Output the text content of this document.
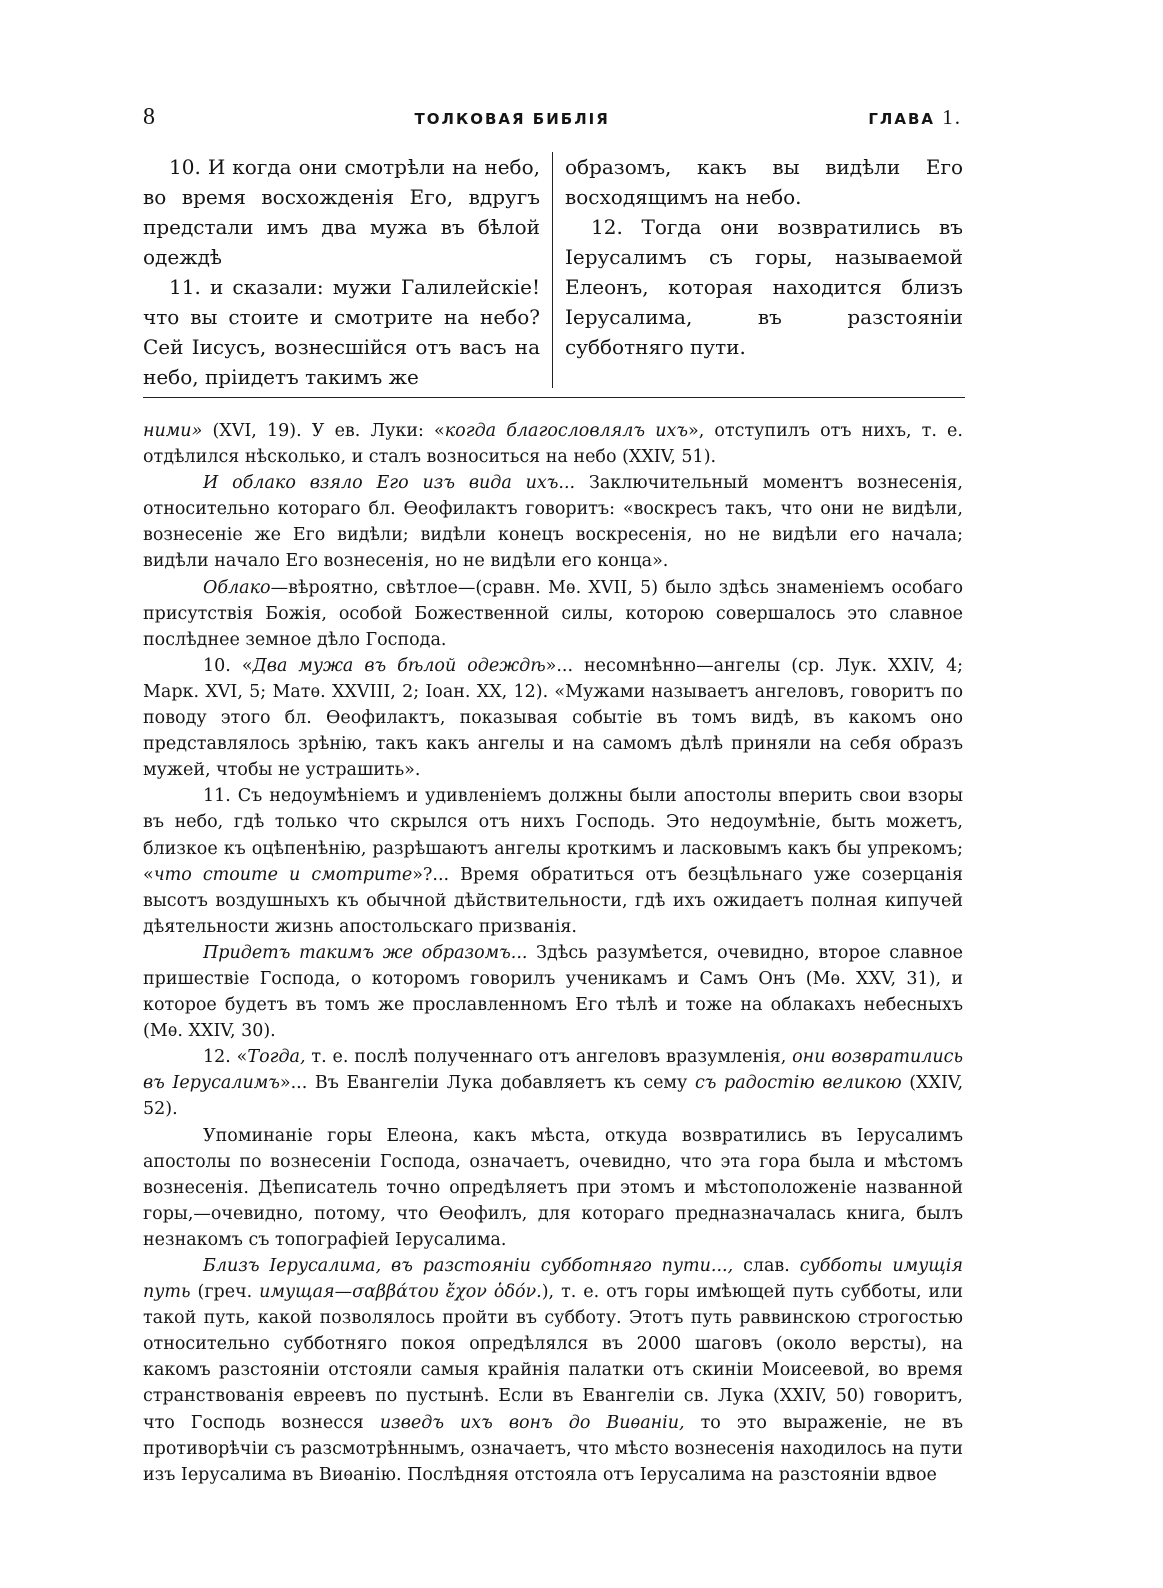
8	ТОЛКОВАЯ БИБЛІЯ	ГЛАВА 1.

10. И когда они смотрѣли на небо, во время восхожденія Его, вдругъ предстали имъ два мужа въ бѣлой одеждѣ

11. и сказали: мужи Галилейскіе! что вы стоите и смотрите на небо? Сей Іисусъ, вознесшійся отъ васъ на небо, пріидетъ такимъ же

образомъ, какъ вы видѣли Его восходящимъ на небо.

12. Тогда они возвратились въ Іерусалимъ съ горы, называемой Елеонъ, которая находится близъ Іерусалима, въ разстояніи субботняго пути.

ними» (XVI, 19). У ев. Луки: «когда благословлялъ ихъ», отступилъ отъ нихъ, т. е. отдѣлился нѣсколько, и сталъ возноситься на небо (XXIV, 51).

И облако взяло Его изъ вида ихъ... Заключительный моментъ вознесенія, относительно котораго бл. Ѳеофилактъ говоритъ: «воскресъ такъ, что они не видѣли, вознесеніе же Его видѣли; видѣли конецъ воскресенія, но не видѣли его начала; видѣли начало Его вознесенія, но не видѣли его конца».

Облако—вѣроятно, свѣтлое—(сравн. Мѳ. XVII, 5) было здѣсь знаменіемъ особаго присутствія Божія, особой Божественной силы, которою совершалось это славное послѣднее земное дѣло Господа.

10. «Два мужа въ бѣлой одеждѣ»... несомнѣнно—ангелы (ср. Лук. XXIV, 4; Марк. XVI, 5; Матѳ. XXVIII, 2; Іоан. XX, 12). «Мужами называетъ ангеловъ, говоритъ по поводу этого бл. Ѳеофилактъ, показывая событіе въ томъ видѣ, въ какомъ оно представлялось зрѣнію, такъ какъ ангелы и на самомъ дѣлѣ приняли на себя образъ мужей, чтобы не устрашить».

11. Съ недоумѣніемъ и удивленіемъ должны были апостолы вперить свои взоры въ небо, гдѣ только что скрылся отъ нихъ Господь. Это недоумѣніе, быть можетъ, близкое къ оцѣпенѣнію, разрѣшаютъ ангелы кроткимъ и ласковымъ какъ бы упрекомъ; «что стоите и смотрите»?... Время обратиться отъ безцѣльнаго уже созерцанія высотъ воздушныхъ къ обычной дѣйствительности, гдѣ ихъ ожидаетъ полная кипучей дѣятельности жизнь апостольскаго призванія.

Придетъ такимъ же образомъ... Здѣсь разумѣется, очевидно, второе славное пришествіе Господа, о которомъ говорилъ ученикамъ и Самъ Онъ (Мѳ. XXV, 31), и которое будетъ въ томъ же прославленномъ Его тѣлѣ и тоже на облакахъ небесныхъ (Мѳ. XXIV, 30).

12. «Тогда, т. е. послѣ полученнаго отъ ангеловъ вразумленія, они возвратились въ Іерусалимъ»... Въ Евангеліи Лука добавляетъ къ сему съ радостію великою (XXIV, 52).

Упоминаніе горы Елеона, какъ мѣста, откуда возвратились въ Іерусалимъ апостолы по вознесеніи Господа, означаетъ, очевидно, что эта гора была и мѣстомъ вознесенія. Дѣеписатель точно опредѣляетъ при этомъ и мѣстоположеніе названной горы,—очевидно, потому, что Ѳеофилъ, для котораго предназначалась книга, былъ незнакомъ съ топографіей Іерусалима.

Близъ Іерусалима, въ разстояніи субботняго пути..., слав. субботы имущія путь (греч. имущая—σαββάτου ἔχον ὁδόν.), т. е. отъ горы имѣющей путь субботы, или такой путь, какой позволялось пройти въ субботу. Этотъ путь раввинскою строгостью относительно субботняго покоя опредѣлялся въ 2000 шаговъ (около версты), на какомъ разстояніи отстояли самыя крайнія палатки отъ скиніи Моисеевой, во время странствованія евреевъ по пустынѣ. Если въ Евангеліи св. Лука (XXIV, 50) говоритъ, что Господь вознесся изведъ ихъ вонъ до Виѳаніи, то это выраженіе, не въ противорѣчіи съ разсмотрѣннымъ, означаетъ, что мѣсто вознесенія находилось на пути изъ Іерусалима въ Виѳанію. Послѣдняя отстояла отъ Іерусалима на разстояніи вдвое
